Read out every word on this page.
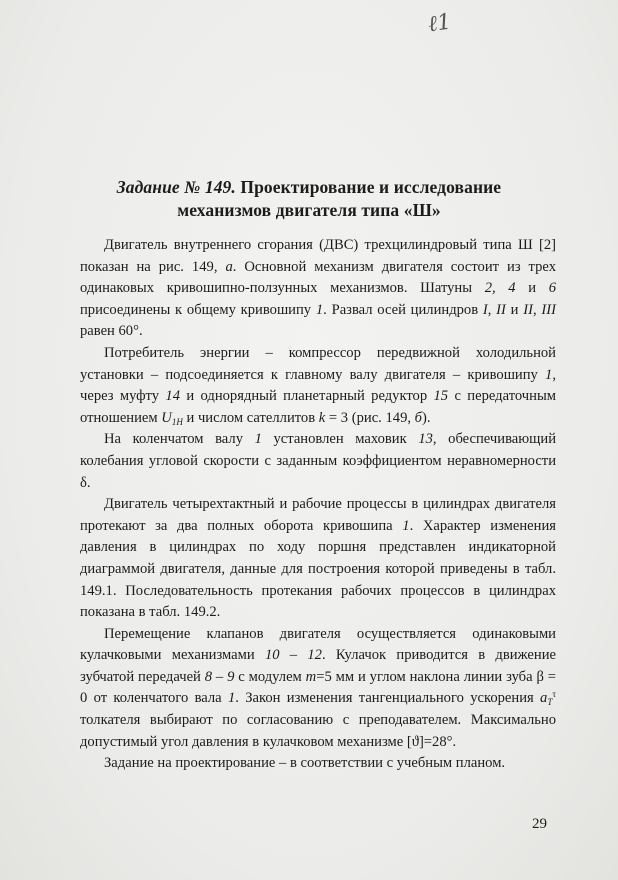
ℓ1
Задание № 149. Проектирование и исследование
механизмов двигателя типа «Ш»

Двигатель внутреннего сгорания (ДВС) трехцилиндровый типа Ш [2] показан на рис. 149, а. Основной механизм двигателя состоит из трех одинаковых кривошипно-ползунных механизмов. Шатуны 2, 4 и 6 присоединены к общему кривошипу 1. Развал осей цилиндров I, II и II, III равен 60°.

Потребитель энергии – компрессор передвижной холодильной установки – подсоединяется к главному валу двигателя – кривошипу 1, через муфту 14 и однорядный планетарный редуктор 15 с передаточным отношением $U_{1H}$ и числом сателлитов k = 3 (рис. 149, б).

На коленчатом валу 1 установлен маховик 13, обеспечивающий колебания угловой скорости с заданным коэффициентом неравномерности δ.

Двигатель четырехтактный и рабочие процессы в цилиндрах двигателя протекают за два полных оборота кривошипа 1. Характер изменения давления в цилиндрах по ходу поршня представлен индикаторной диаграммой двигателя, данные для построения которой приведены в табл. 149.1. Последовательность протекания рабочих процессов в цилиндрах показана в табл. 149.2.

Перемещение клапанов двигателя осуществляется одинаковыми кулачковыми механизмами 10 – 12. Кулачок приводится в движение зубчатой передачей 8 – 9 с модулем m=5 мм и углом наклона линии зуба β = 0 от коленчатого вала 1. Закон изменения тангенциального ускорения $a_T^\tau$ толкателя выбирают по согласованию с преподавателем. Максимально допустимый угол давления в кулачковом механизме [ϑ]=28°.

Задание на проектирование – в соответствии с учебным планом.

29
